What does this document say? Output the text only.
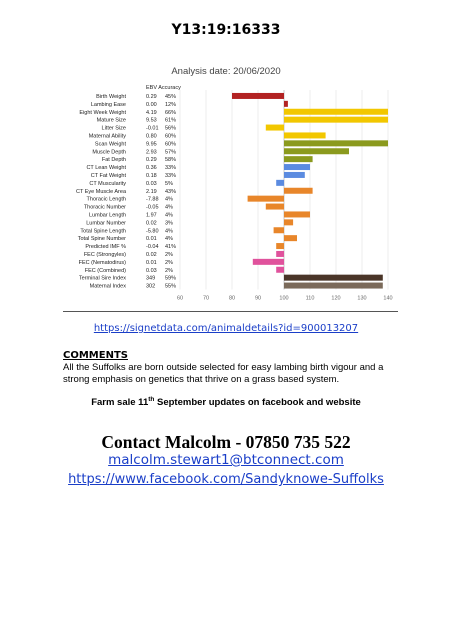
Y13:19:16333
Analysis date: 20/06/2020
60	70	80	90	100	110	120	130	140
EBV Accuracy
Birth Weight	0.29 45%
Lambing Ease	0.00 12%
Eight Week Weight	4.19 66%
Mature Size	9.53 61%
Litter Size	-0.01 56%
Maternal Ability	0.80 60%
Scan Weight	9.95 60%
Muscle Depth	2.93 57%
Fat Depth	0.29 58%
CT Lean Weight	0.36 33%
CT Fat Weight	0.18 33%
CT Muscularity	0.03 5%
CT Eye Muscle Area	2.19 43%
Thoracic Length	-7.88 4%
Thoracic Number	-0.05 4%
Lumbar Length	1.97 4%
Lumbar Number	0.02 3%
Total Spine Length	-5.80 4%
Total Spine Number	0.01 4%
Predicted IMF %	-0.04 41%
FEC (Strongyles)	0.02 2%
FEC (Nematodirus)	0.01 2%
FEC (Combined)	0.03 2%
Terminal Sire Index	349 59%
Maternal Index	302 55%
https://signetdata.com/animaldetails?id=900013207
COMMENTS
All the Suffolks are born outside selected for easy lambing birth vigour and a strong emphasis on genetics that thrive on a grass based system.
Farm sale 11th September updates on facebook and website
Contact Malcolm - 07850 735 522
malcolm.stewart1@btconnect.com
https://www.facebook.com/Sandyknowe-Suffolks
